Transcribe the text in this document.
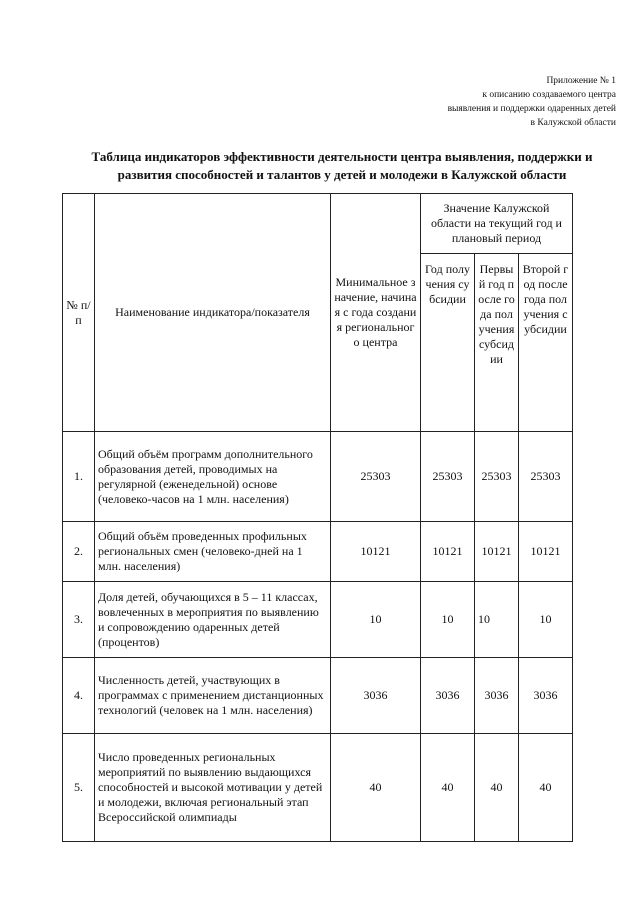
Приложение № 1
к описанию создаваемого центра
выявления и поддержки одаренных детей
в Калужской области
Таблица индикаторов эффективности деятельности центра выявления, поддержки и
развития способностей и талантов у детей и молодежи в Калужской области
№ п/п	Наименование индикатора/показателя	Минимальное значение, начиная с года создания регионального центра	Значение Калужской области на текущий год и плановый период		
			Год получения субсидии	Первый год после года получения субсидии	Второй год после года получения субсидии
1.	Общий объём программ дополнительного образования детей, проводимых на регулярной (еженедельной) основе (человеко-часов на 1 млн. населения)	25303	25303	25303	25303
2.	Общий объём проведенных профильных региональных смен (человеко-дней на 1 млн. населения)	10121	10121	10121	10121
3.	Доля детей, обучающихся в 5 – 11 классах, вовлеченных в мероприятия по выявлению и сопровождению одаренных детей (процентов)	10	10	10	10
4.	Численность детей, участвующих в программах с применением дистанционных технологий (человек на 1 млн. населения)	3036	3036	3036	3036
5.	Число проведенных региональных мероприятий по выявлению выдающихся способностей и высокой мотивации у детей и молодежи, включая региональный этап Всероссийской олимпиады	40	40	40	40
